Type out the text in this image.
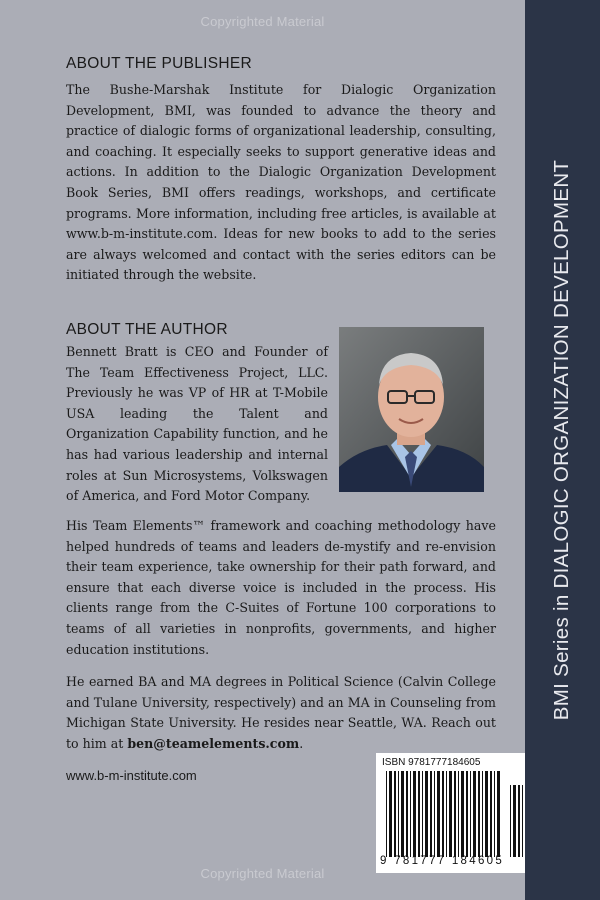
Copyrighted Material
ABOUT THE PUBLISHER
The Bushe-Marshak Institute for Dialogic Organization Development, BMI, was founded to advance the theory and practice of dialogic forms of organizational leadership, consulting, and coaching. It especially seeks to support generative ideas and actions. In addition to the Dialogic Organization Development Book Series, BMI offers readings, workshops, and certificate programs. More information, including free articles, is available at www.b-m-institute.com. Ideas for new books to add to the series are always welcomed and contact with the series editors can be initiated through the website.
ABOUT THE AUTHOR
Bennett Bratt is CEO and Founder of The Team Effectiveness Project, LLC. Previously he was VP of HR at T-Mobile USA leading the Talent and Organization Capability function, and he has had various leadership and internal roles at Sun Microsystems, Volkswagen of America, and Ford Motor Company.
His Team Elements™ framework and coaching methodology have helped hundreds of teams and leaders de-mystify and re-envision their team experience, take ownership for their path forward, and ensure that each diverse voice is included in the process. His clients range from the C-Suites of Fortune 100 corporations to teams of all varieties in nonprofits, governments, and higher education institutions.
He earned BA and MA degrees in Political Science (Calvin College and Tulane University, respectively) and an MA in Counseling from Michigan State University. He resides near Seattle, WA. Reach out to him at ben@teamelements.com.
www.b-m-institute.com
ISBN 9781777184605
9 781777 184605
BMI Series in DIALOGIC ORGANIZATION DEVELOPMENT
Copyrighted Material
